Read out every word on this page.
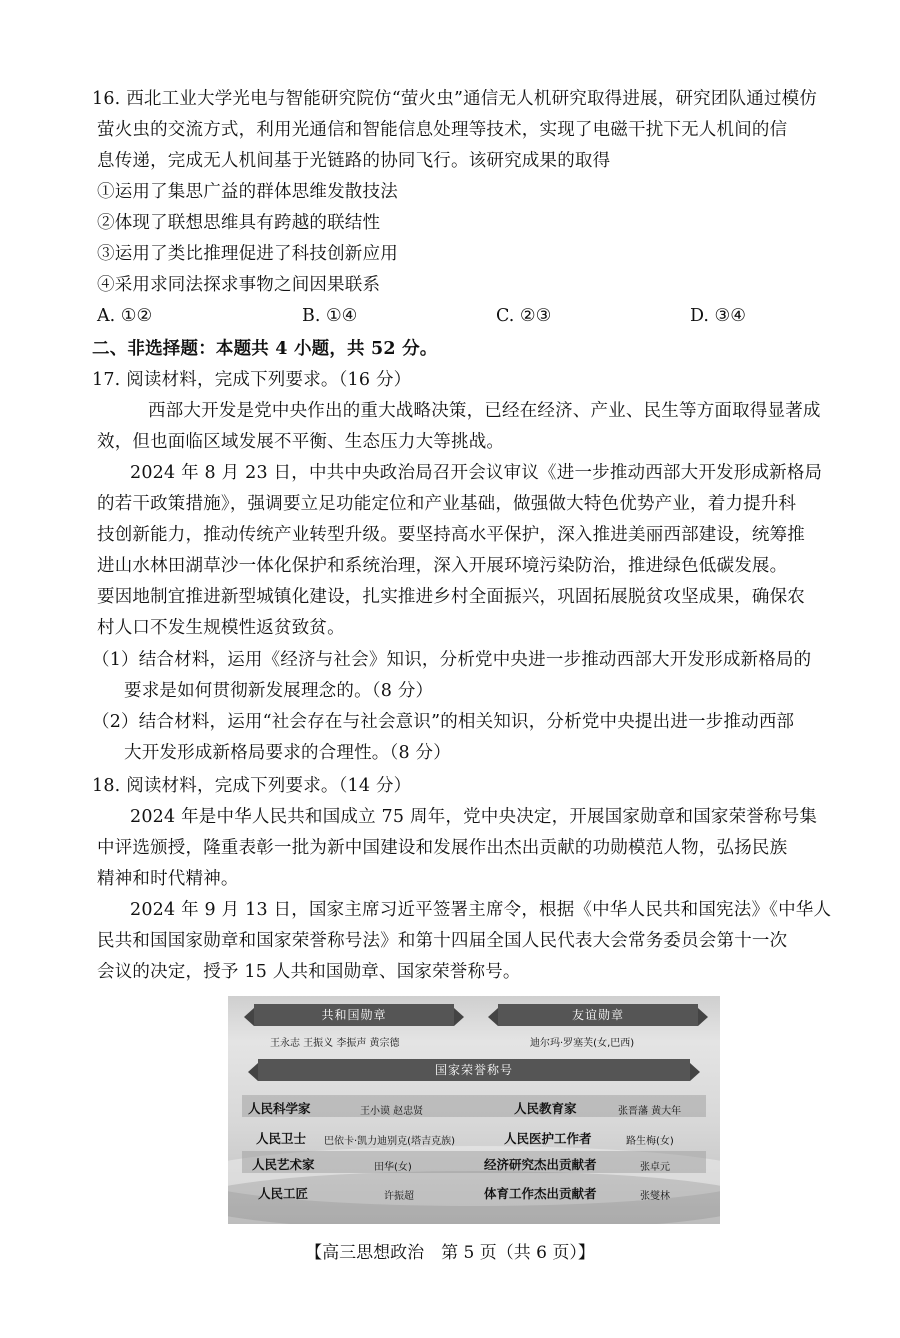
16. 西北工业大学光电与智能研究院仿“萤火虫”通信无人机研究取得进展，研究团队通过模仿
萤火虫的交流方式，利用光通信和智能信息处理等技术，实现了电磁干扰下无人机间的信
息传递，完成无人机间基于光链路的协同飞行。该研究成果的取得
①运用了集思广益的群体思维发散技法
②体现了联想思维具有跨越的联结性
③运用了类比推理促进了科技创新应用
④采用求同法探求事物之间因果联系
A. ①②	B. ①④	C. ②③	D. ③④
二、非选择题：本题共 4 小题，共 52 分。
17. 阅读材料，完成下列要求。（16 分）
西部大开发是党中央作出的重大战略决策，已经在经济、产业、民生等方面取得显著成
效，但也面临区域发展不平衡、生态压力大等挑战。
2024 年 8 月 23 日，中共中央政治局召开会议审议《进一步推动西部大开发形成新格局
的若干政策措施》，强调要立足功能定位和产业基础，做强做大特色优势产业，着力提升科
技创新能力，推动传统产业转型升级。要坚持高水平保护，深入推进美丽西部建设，统筹推
进山水林田湖草沙一体化保护和系统治理，深入开展环境污染防治，推进绿色低碳发展。
要因地制宜推进新型城镇化建设，扎实推进乡村全面振兴，巩固拓展脱贫攻坚成果，确保农
村人口不发生规模性返贫致贫。
（1）结合材料，运用《经济与社会》知识，分析党中央进一步推动西部大开发形成新格局的
要求是如何贯彻新发展理念的。（8 分）
（2）结合材料，运用“社会存在与社会意识”的相关知识，分析党中央提出进一步推动西部
大开发形成新格局要求的合理性。（8 分）
18. 阅读材料，完成下列要求。（14 分）
2024 年是中华人民共和国成立 75 周年，党中央决定，开展国家勋章和国家荣誉称号集
中评选颁授，隆重表彰一批为新中国建设和发展作出杰出贡献的功勋模范人物，弘扬民族
精神和时代精神。
2024 年 9 月 13 日，国家主席习近平签署主席令，根据《中华人民共和国宪法》《中华人
民共和国国家勋章和国家荣誉称号法》和第十四届全国人民代表大会常务委员会第十一次
会议的决定，授予 15 人共和国勋章、国家荣誉称号。
共和国勋章	友谊勋章
王永志 王振义 李振声 黄宗德	迪尔玛·罗塞芙(女,巴西)
国家荣誉称号
人民科学家	王小谟 赵忠贤	人民教育家	张晋藩 黄大年
人民卫士 巴依卡·凯力迪别克(塔吉克族)	人民医护工作者	路生梅(女)
人民艺术家	田华(女)	经济研究杰出贡献者	张卓元
人民工匠	许振超	体育工作杰出贡献者	张燮林
【高三思想政治　第 5 页（共 6 页）】
